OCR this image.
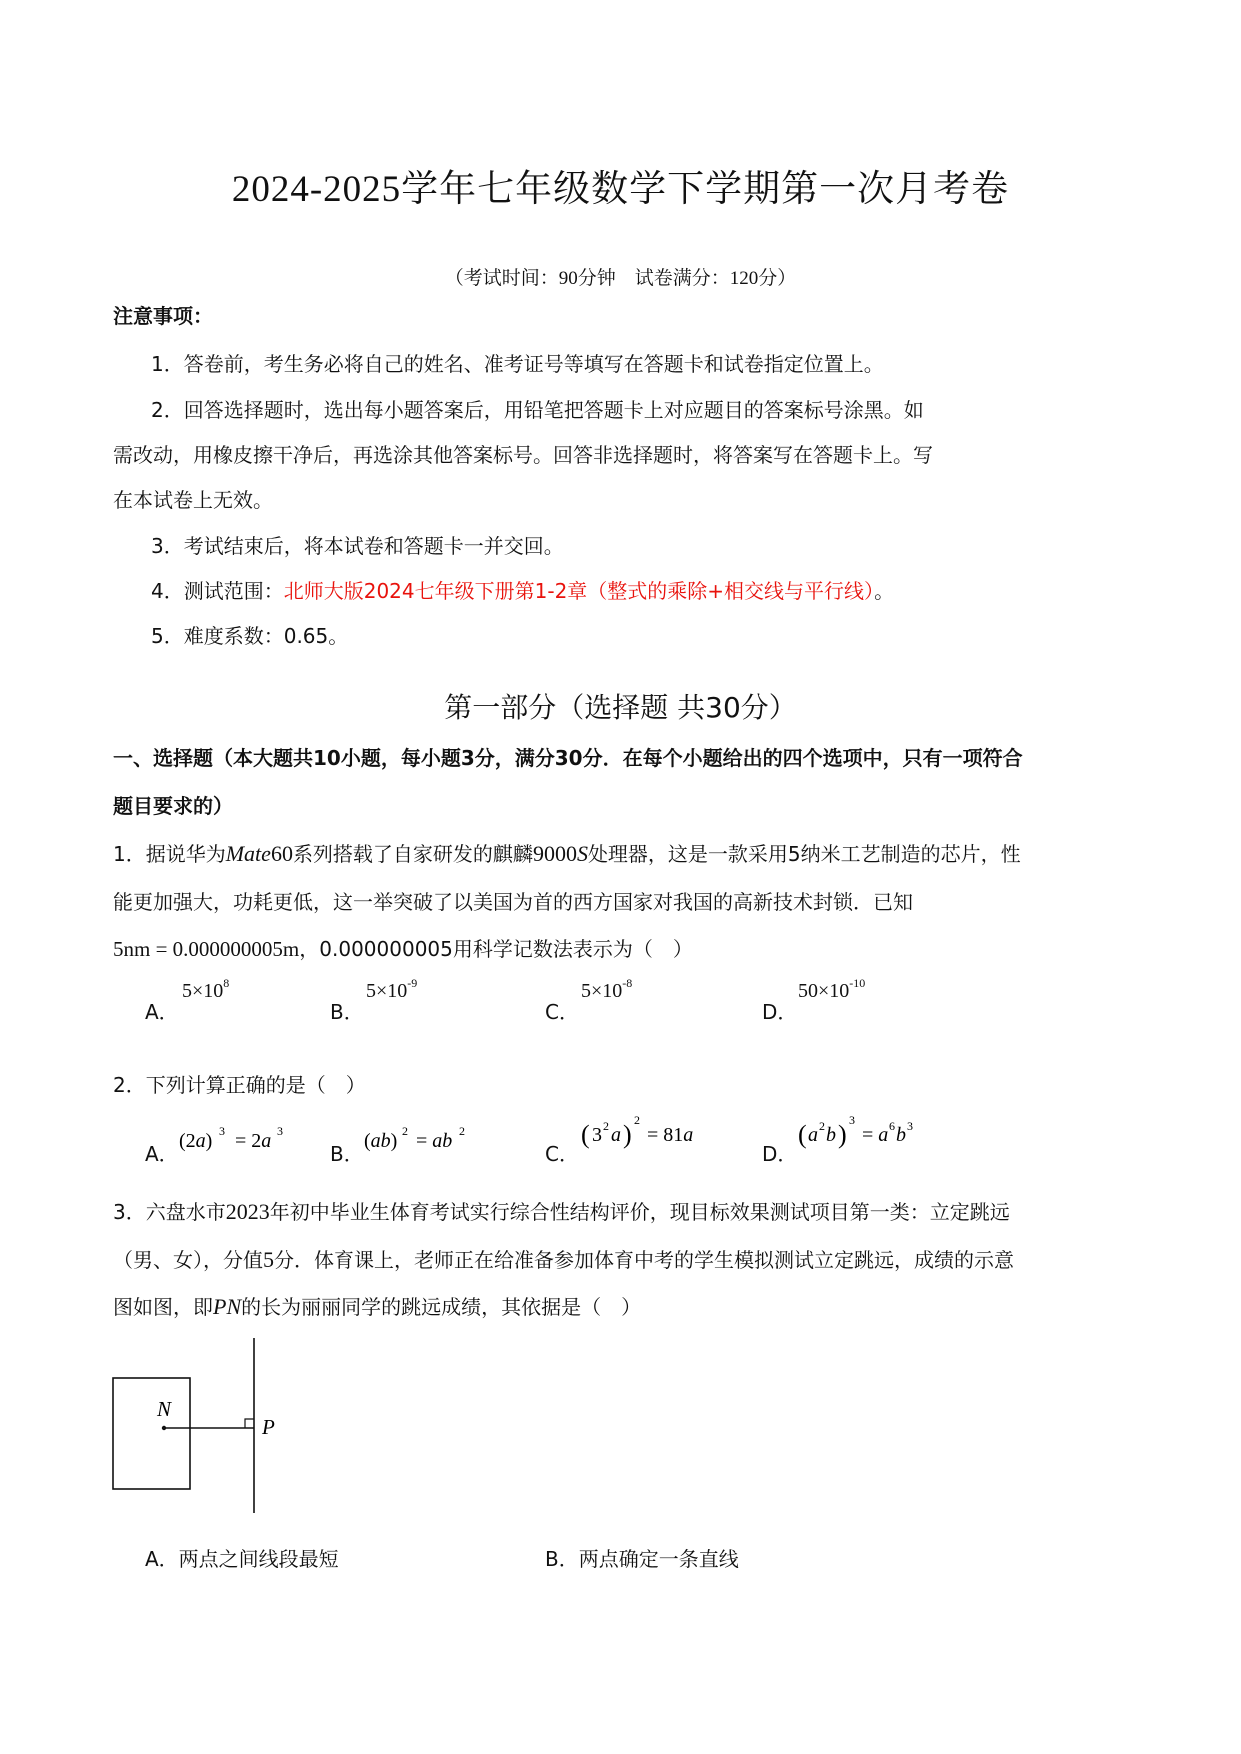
2024-2025学年七年级数学下学期第一次月考卷
（考试时间：90分钟　试卷满分：120分）
注意事项：
1．答卷前，考生务必将自己的姓名、准考证号等填写在答题卡和试卷指定位置上。
2．回答选择题时，选出每小题答案后，用铅笔把答题卡上对应题目的答案标号涂黑。如
需改动，用橡皮擦干净后，再选涂其他答案标号。回答非选择题时，将答案写在答题卡上。写
在本试卷上无效。
3．考试结束后，将本试卷和答题卡一并交回。
4．测试范围：北师大版2024七年级下册第1-2章（整式的乘除+相交线与平行线）。
5．难度系数：0.65。
第一部分（选择题 共30分）
一、选择题（本大题共10小题，每小题3分，满分30分．在每个小题给出的四个选项中，只有一项符合
题目要求的）
1．据说华为Mate60系列搭载了自家研发的麒麟9000S处理器，这是一款采用5纳米工艺制造的芯片，性
能更加强大，功耗更低，这一举突破了以美国为首的西方国家对我国的高新技术封锁．已知
5nm = 0.000000005m，0.000000005用科学记数法表示为（　）
A．
$5\times 10^8$
B．
$5\times 10^{-9}$
C．
$5\times 10^{-8}$
D．
$50\times 10^{-10}$
2．下列计算正确的是（　）
A．
(2a) 3 = 2a 3
B．
(ab) 2 = ab 2
C．
( 3 2 a ) 2
= 81a
D．
( a 2 b ) 3
= a 6 b 3
3．六盘水市2023年初中毕业生体育考试实行综合性结构评价，现目标效果测试项目第一类：立定跳远
（男、女），分值5分．体育课上，老师正在给准备参加体育中考的学生模拟测试立定跳远，成绩的示意
图如图，即PN的长为丽丽同学的跳远成绩，其依据是（　）
N
P
A．两点之间线段最短	B．两点确定一条直线
